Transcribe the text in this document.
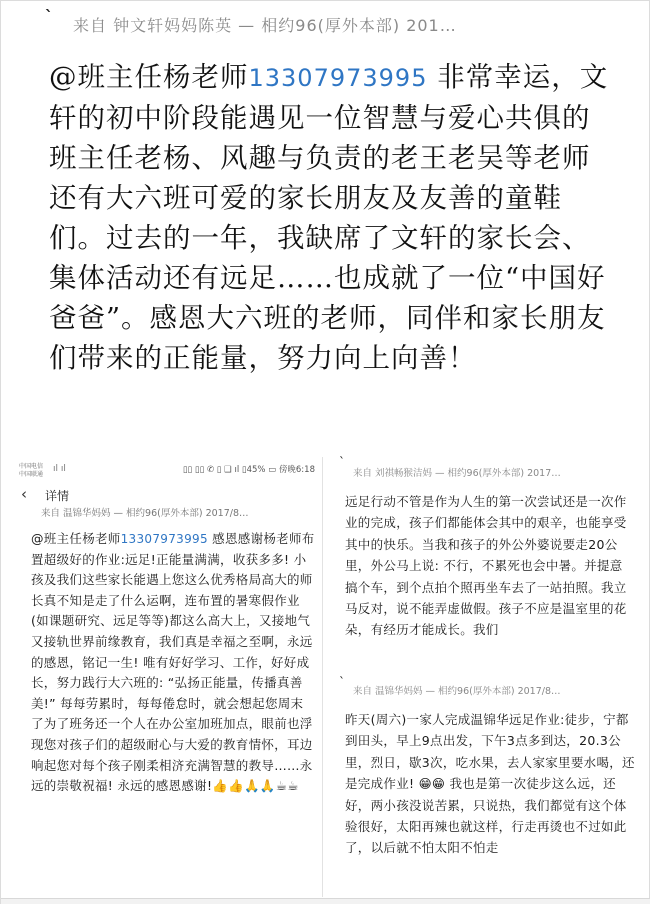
` 来自 钟文轩妈妈陈英 — 相约96(厚外本部) 201…
@班主任杨老师13307973995 非常幸运，文轩的初中阶段能遇见一位智慧与爱心共俱的班主任老杨、风趣与负责的老王老吴等老师还有大六班可爱的家长朋友及友善的童鞋们。过去的一年，我缺席了文轩的家长会、集体活动还有远足……也成就了一位“中国好爸爸”。感恩大六班的老师，同伴和家长朋友们带来的正能量，努力向上向善！
中国电信
中国联通
ıl ıl	▯▯ ▯▯ ✆ ▯ ❑ ıl ▯45% ▭ 傍晚6:18
‹ 详情
来自 温锦华妈妈 — 相约96(厚外本部) 2017/8…
@班主任杨老师13307973995 感恩感谢杨老师布置超级好的作业:远足!正能量满满，收获多多! 小孩及我们这些家长能遇上您这么优秀格局高大的师长真不知是走了什么运啊，连布置的暑寒假作业(如课题研究、远足等等)都这么高大上，又接地气又接轨世界前缘教育，我们真是幸福之至啊，永远的感恩，铭记一生! 唯有好好学习、工作，好好成长，努力践行大六班的: “弘扬正能量，传播真善美!” 每每劳累时，每每倦怠时，就会想起您周末了为了班务还一个人在办公室加班加点，眼前也浮现您对孩子们的超级耐心与大爱的教育情怀，耳边响起您对每个孩子刚柔相济充满智慧的教导……永远的崇敬祝福! 永远的感恩感谢!👍👍🙏🙏☕☕
`
来自 刘祺畅猴洁妈 — 相约96(厚外本部) 2017…
远足行动不管是作为人生的第一次尝试还是一次作业的完成，孩子们都能体会其中的艰辛，也能享受其中的快乐。当我和孩子的外公外婆说要走20公里，外公马上说: 不行，不累死也会中暑。并提意搞个车，到个点拍个照再坐车去了一站拍照。我立马反对，说不能弄虚做假。孩子不应是温室里的花朵，有经历才能成长。我们
`
来自 温锦华妈妈 — 相约96(厚外本部) 2017/8…
昨天(周六)一家人完成温锦华远足作业:徒步，宁都到田头，早上9点出发，下午3点多到达，20.3公里，烈日，歇3次，吃水果，去人家家里要水喝，还是完成作业! 😁😁 我也是第一次徒步这么远，还好，两小孩没说苦累，只说热，我们都觉有这个体验很好，太阳再辣也就这样，行走再烫也不过如此了，以后就不怕太阳不怕走
